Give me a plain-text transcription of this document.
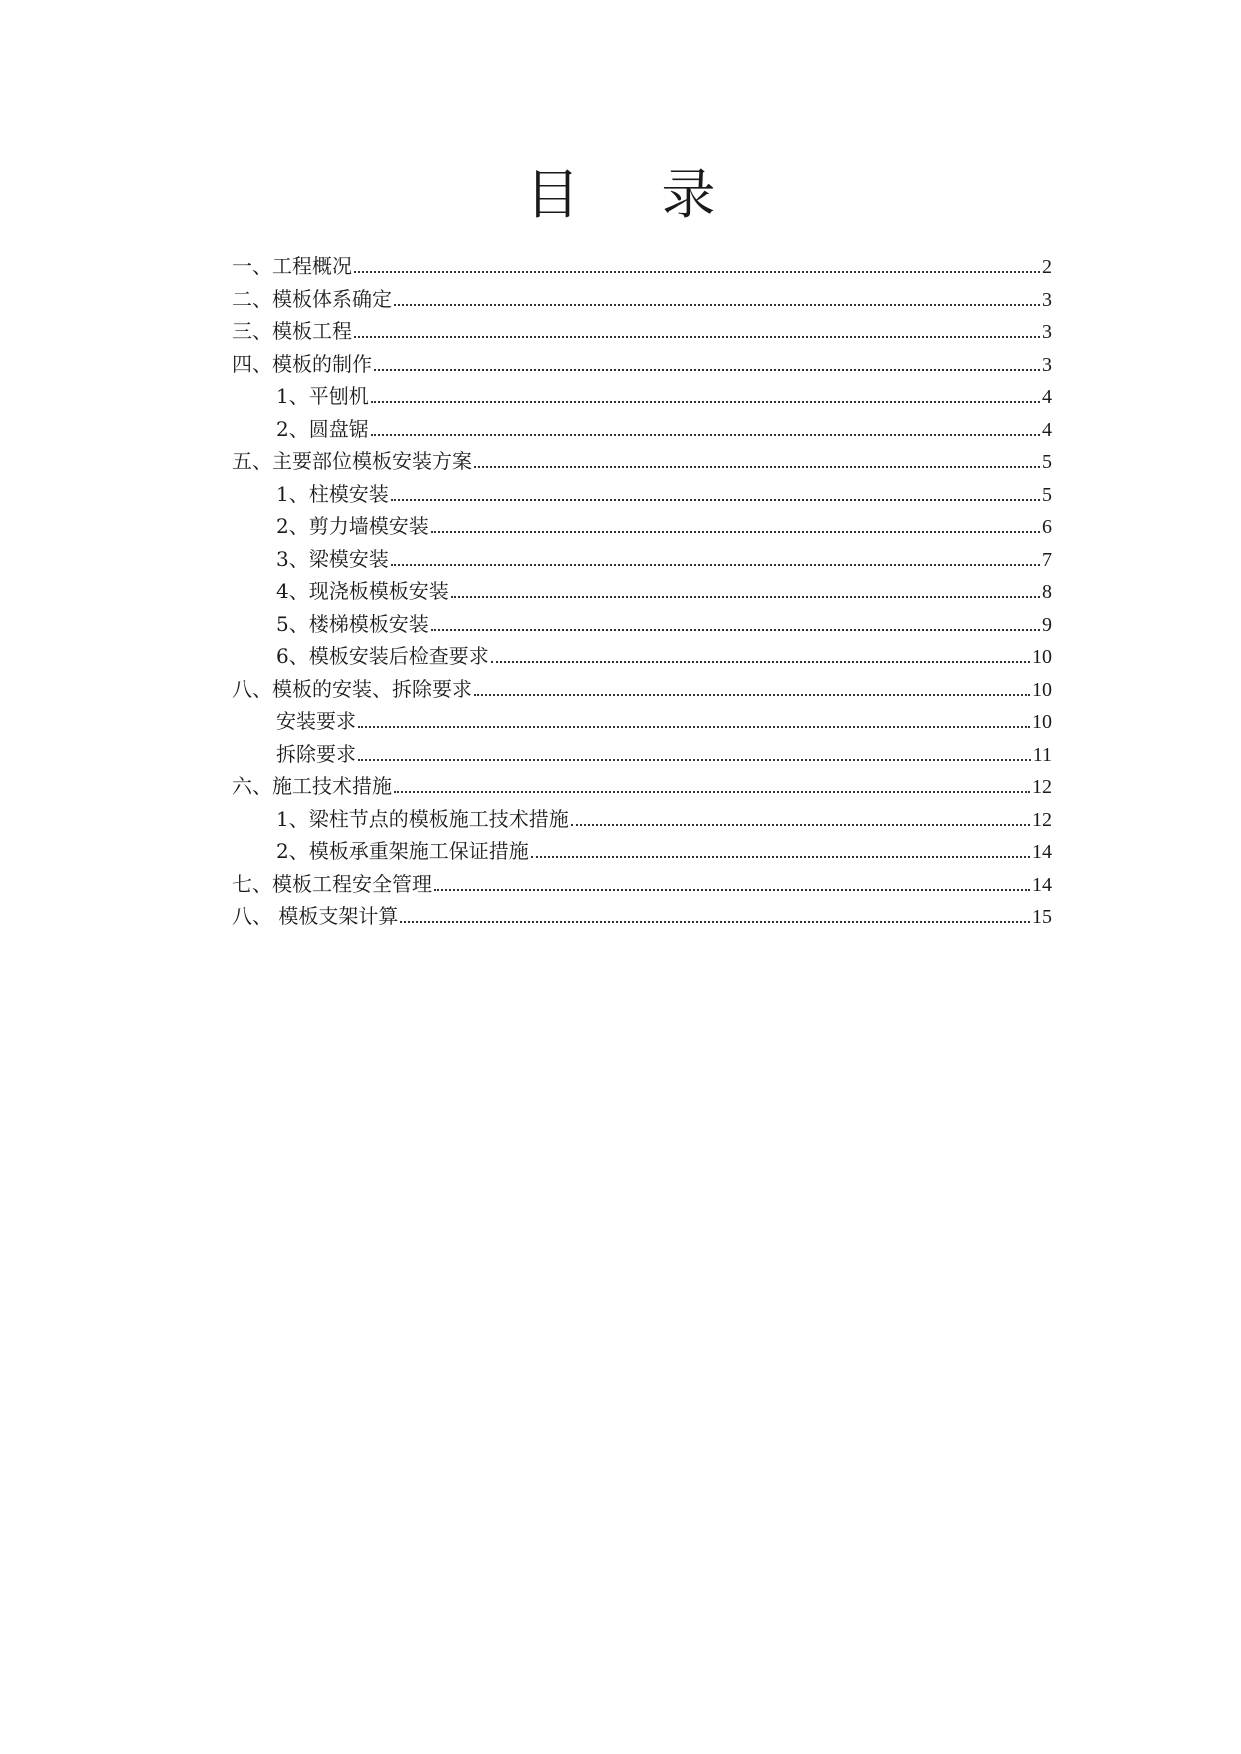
目录
一、工程概况	2
二、模板体系确定	3
三、模板工程	3
四、模板的制作	3
1、平刨机	4
2、圆盘锯	4
五、主要部位模板安装方案	5
1、柱模安装	5
2、剪力墙模安装	6
3、梁模安装	7
4、现浇板模板安装	8
5、楼梯模板安装	9
6、模板安装后检查要求	10
八、模板的安装、拆除要求	10
安装要求	10
拆除要求	11
六、施工技术措施	12
1、梁柱节点的模板施工技术措施	12
2、模板承重架施工保证措施	14
七、模板工程安全管理	14
八、 模板支架计算	15
